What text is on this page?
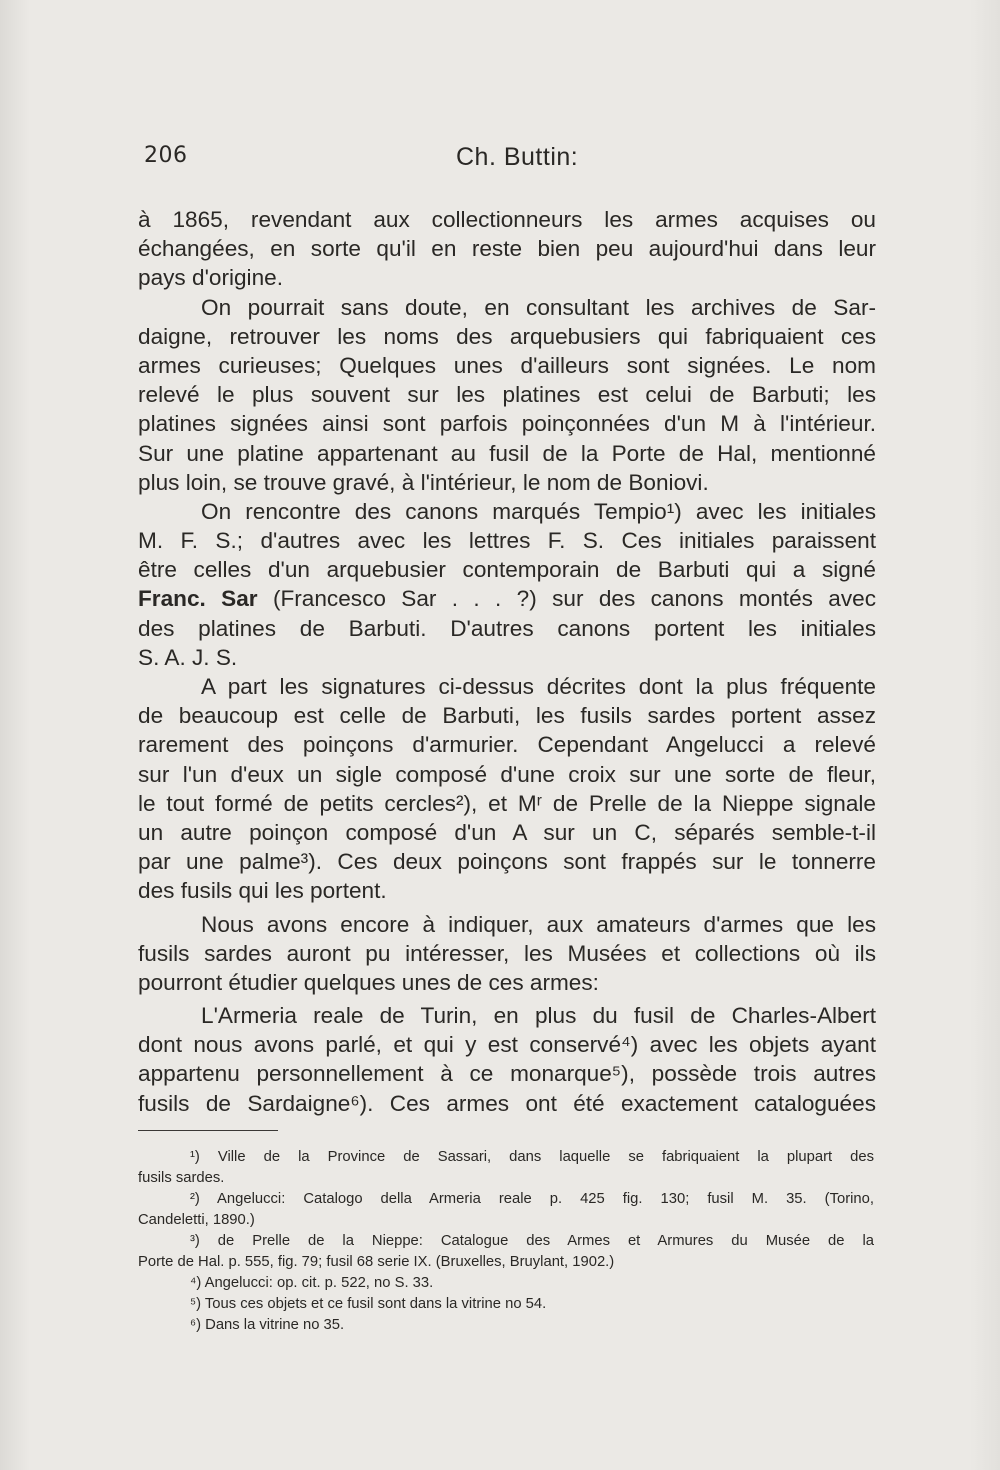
206	Ch. Buttin:
à 1865, revendant aux collectionneurs les armes acquises ou
échangées, en sorte qu'il en reste bien peu aujourd'hui dans leur
pays d'origine.
On pourrait sans doute, en consultant les archives de Sar-
daigne, retrouver les noms des arquebusiers qui fabriquaient ces
armes curieuses; Quelques unes d'ailleurs sont signées. Le nom
relevé le plus souvent sur les platines est celui de Barbuti; les
platines signées ainsi sont parfois poinçonnées d'un M à l'intérieur.
Sur une platine appartenant au fusil de la Porte de Hal, mentionné
plus loin, se trouve gravé, à l'intérieur, le nom de Boniovi.
On rencontre des canons marqués Tempio¹) avec les initiales
M. F. S.; d'autres avec les lettres F. S. Ces initiales paraissent
être celles d'un arquebusier contemporain de Barbuti qui a signé
Franc. Sar (Francesco Sar . . . ?) sur des canons montés avec
des platines de Barbuti. D'autres canons portent les initiales
S. A. J. S.
A part les signatures ci-dessus décrites dont la plus fréquente
de beaucoup est celle de Barbuti, les fusils sardes portent assez
rarement des poinçons d'armurier. Cependant Angelucci a relevé
sur l'un d'eux un sigle composé d'une croix sur une sorte de fleur,
le tout formé de petits cercles²), et Mʳ de Prelle de la Nieppe signale
un autre poinçon composé d'un A sur un C, séparés semble-t-il
par une palme³). Ces deux poinçons sont frappés sur le tonnerre
des fusils qui les portent.
Nous avons encore à indiquer, aux amateurs d'armes que les
fusils sardes auront pu intéresser, les Musées et collections où ils
pourront étudier quelques unes de ces armes:
L'Armeria reale de Turin, en plus du fusil de Charles-Albert
dont nous avons parlé, et qui y est conservé⁴) avec les objets ayant
appartenu personnellement à ce monarque⁵), possède trois autres
fusils de Sardaigne⁶). Ces armes ont été exactement cataloguées
¹) Ville de la Province de Sassari, dans laquelle se fabriquaient la plupart des
fusils sardes.
²) Angelucci: Catalogo della Armeria reale p. 425 fig. 130; fusil M. 35. (Torino,
Candeletti, 1890.)
³) de Prelle de la Nieppe: Catalogue des Armes et Armures du Musée de la
Porte de Hal. p. 555, fig. 79; fusil 68 serie IX. (Bruxelles, Bruylant, 1902.)
⁴) Angelucci: op. cit. p. 522, no S. 33.
⁵) Tous ces objets et ce fusil sont dans la vitrine no 54.
⁶) Dans la vitrine no 35.
